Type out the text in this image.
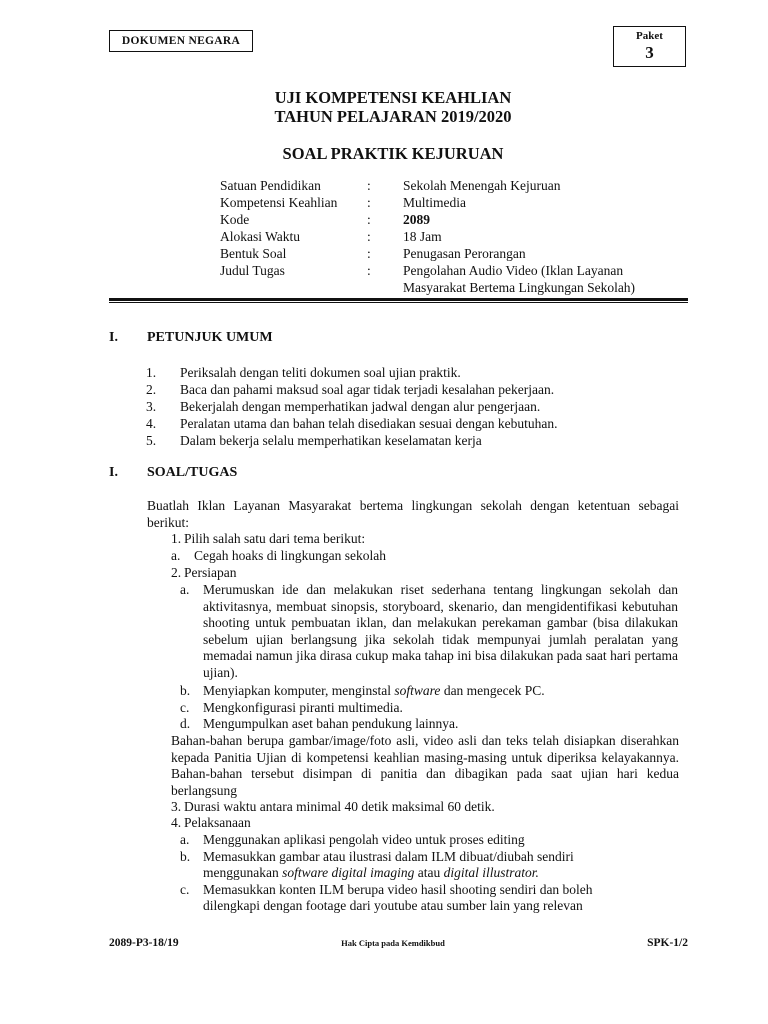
DOKUMEN NEGARA	Paket
3
UJI KOMPETENSI KEAHLIAN
TAHUN PELAJARAN 2019/2020
SOAL PRAKTIK KEJURUAN
Satuan Pendidikan	: Sekolah Menengah Kejuruan
Kompetensi Keahlian : Multimedia
Kode	: 2089
Alokasi Waktu	: 18 Jam
Bentuk Soal	: Penugasan Perorangan
Judul Tugas	: Pengolahan Audio Video (Iklan Layanan
Masyarakat Bertema Lingkungan Sekolah)
I. PETUNJUK UMUM
1. Periksalah dengan teliti dokumen soal ujian praktik.
2. Baca dan pahami maksud soal agar tidak terjadi kesalahan pekerjaan.
3. Bekerjalah dengan memperhatikan jadwal dengan alur pengerjaan.
4. Peralatan utama dan bahan telah disediakan sesuai dengan kebutuhan.
5. Dalam bekerja selalu memperhatikan keselamatan kerja
I. SOAL/TUGAS
Buatlah Iklan Layanan Masyarakat bertema lingkungan sekolah dengan ketentuan sebagai berikut:
1. Pilih salah satu dari tema berikut:
a. Cegah hoaks di lingkungan sekolah
2. Persiapan
a. Merumuskan ide dan melakukan riset sederhana tentang lingkungan sekolah dan aktivitasnya, membuat sinopsis, storyboard, skenario, dan mengidentifikasi kebutuhan shooting untuk pembuatan iklan, dan melakukan perekaman gambar (bisa dilakukan sebelum ujian berlangsung jika sekolah tidak mempunyai jumlah peralatan yang memadai namun jika dirasa cukup maka tahap ini bisa dilakukan pada saat hari pertama ujian).
b. Menyiapkan komputer, menginstal software dan mengecek PC.
c. Mengkonfigurasi piranti multimedia.
d. Mengumpulkan aset bahan pendukung lainnya.
Bahan-bahan berupa gambar/image/foto asli, video asli dan teks telah disiapkan diserahkan kepada Panitia Ujian di kompetensi keahlian masing-masing untuk diperiksa kelayakannya. Bahan-bahan tersebut disimpan di panitia dan dibagikan pada saat ujian hari kedua berlangsung
3. Durasi waktu antara minimal 40 detik maksimal 60 detik.
4. Pelaksanaan
a. Menggunakan aplikasi pengolah video untuk proses editing
b. Memasukkan gambar atau ilustrasi dalam ILM dibuat/diubah sendiri
menggunakan software digital imaging atau digital illustrator.
c. Memasukkan konten ILM berupa video hasil shooting sendiri dan boleh
dilengkapi dengan footage dari youtube atau sumber lain yang relevan
2089-P3-18/19	Hak Cipta pada Kemdikbud	SPK-1/2
